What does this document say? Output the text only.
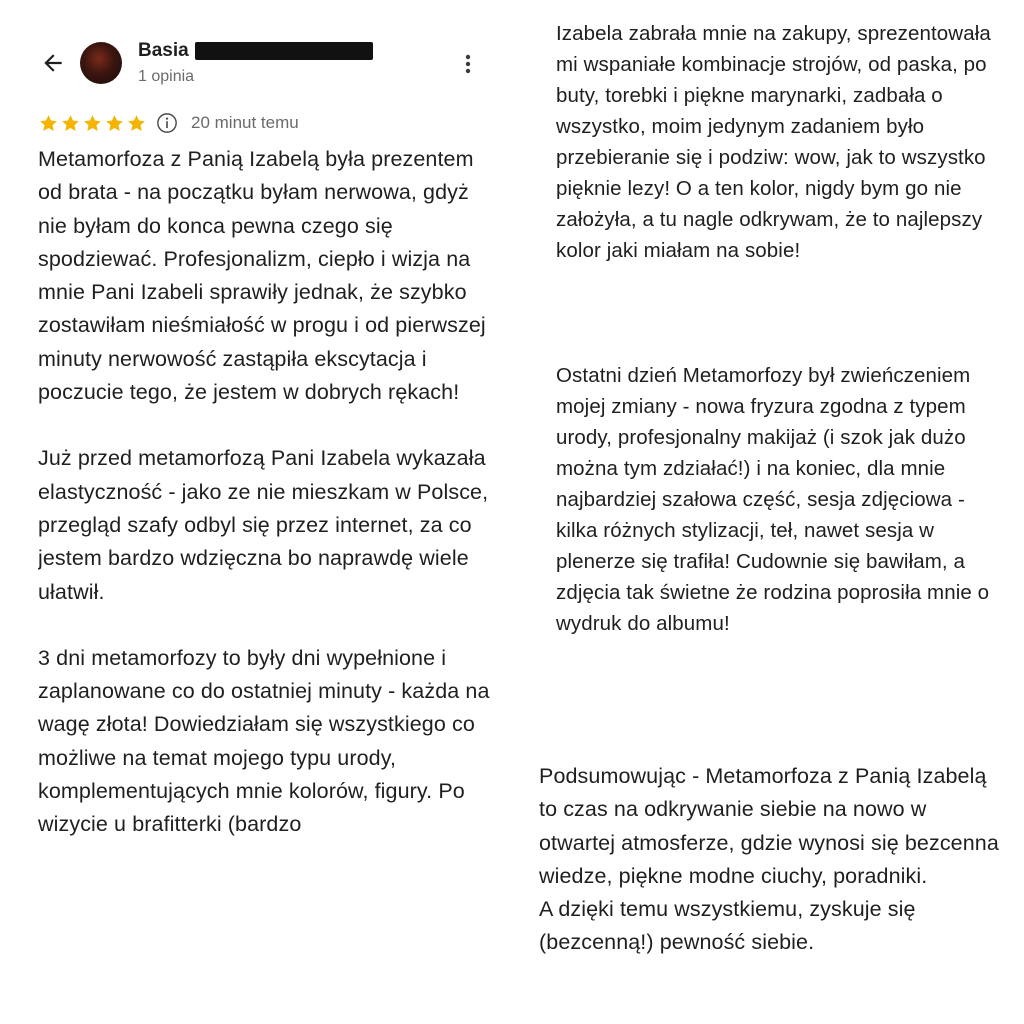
Basia
1 opinia
20 minut temu

Metamorfoza z Panią Izabelą była prezentem od brata - na początku byłam nerwowa, gdyż nie byłam do konca pewna czego się spodziewać. Profesjonalizm, ciepło i wizja na mnie Pani Izabeli sprawiły jednak, że szybko zostawiłam nieśmiałość w progu i od pierwszej minuty nerwowość zastąpiła ekscytacja i poczucie tego, że jestem w dobrych rękach!

Już przed metamorfozą Pani Izabela wykazała elastyczność - jako ze nie mieszkam w Polsce, przegląd szafy odbyl się przez internet, za co jestem bardzo wdzięczna bo naprawdę wiele ułatwił.

3 dni metamorfozy to były dni wypełnione i zaplanowane co do ostatniej minuty - każda na wagę złota! Dowiedziałam się wszystkiego co możliwe na temat mojego typu urody, komplementujących mnie kolorów, figury. Po wizycie u brafitterki (bardzo

Izabela zabrała mnie na zakupy, sprezentowała mi wspaniałe kombinacje strojów, od paska, po buty, torebki i piękne marynarki, zadbała o wszystko, moim jedynym zadaniem było przebieranie się i podziw: wow, jak to wszystko pięknie lezy! O a ten kolor, nigdy bym go nie założyła, a tu nagle odkrywam, że to najlepszy kolor jaki miałam na sobie!

Ostatni dzień Metamorfozy był zwieńczeniem mojej zmiany - nowa fryzura zgodna z typem urody, profesjonalny makijaż (i szok jak dużo można tym zdziałać!) i na koniec, dla mnie najbardziej szałowa część, sesja zdjęciowa - kilka różnych stylizacji, teł, nawet sesja w plenerze się trafiła! Cudownie się bawiłam, a zdjęcia tak świetne że rodzina poprosiła mnie o wydruk do albumu!

Podsumowując - Metamorfoza z Panią Izabelą to czas na odkrywanie siebie na nowo w otwartej atmosferze, gdzie wynosi się bezcenna wiedze, piękne modne ciuchy, poradniki.

A dzięki temu wszystkiemu, zyskuje się (bezcenną!) pewność siebie.
